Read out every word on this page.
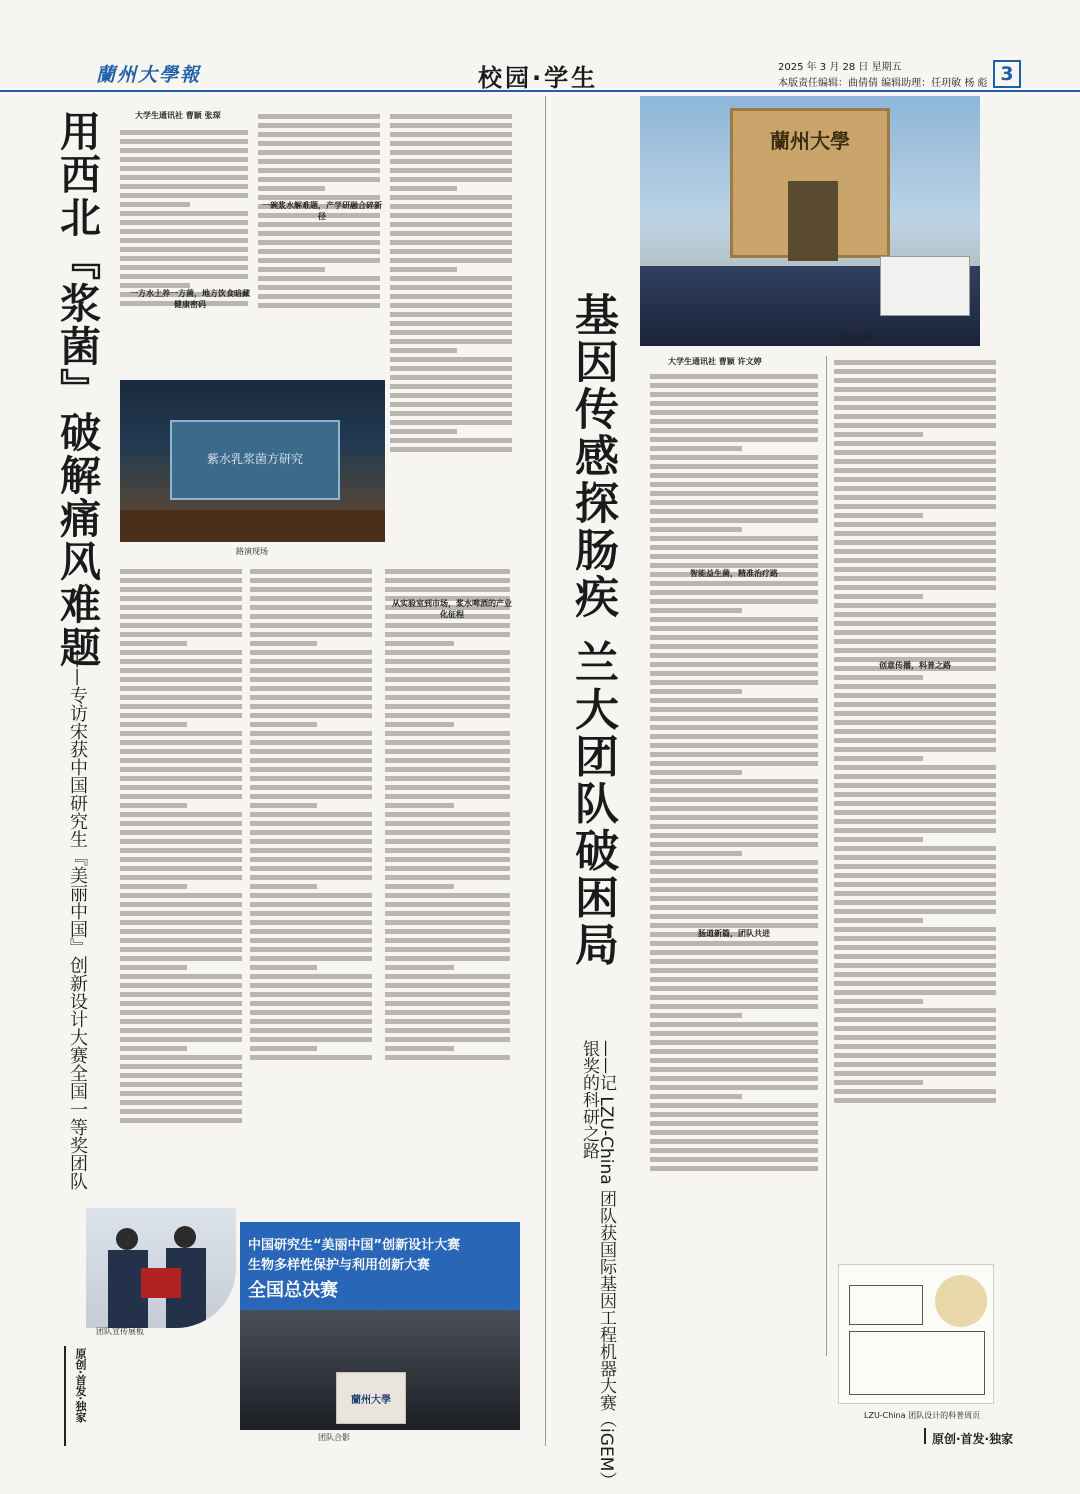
蘭州大學報	校园·学生	2025 年 3 月 28 日 星期五
本版责任编辑：曲倩倩 编辑助理：任玥敏 杨 彪 3
用西北『浆菌』破解痛风难题
——专访宋获中国研究生『美丽中国』创新设计大赛全国一等奖团队
原创·首发·独家
大学生通讯社 曹颖 张琛
一方水土养一方菌，地方饮食暗藏健康密码
一碗浆水解难题，产学研融合碎新径
从实验室到市场，浆水啤酒的产业化征程
紫水乳浆菌方研究
路演现场
团队宣传展板
中国研究生“美丽中国”创新设计大赛
生物多样性保护与利用创新大赛
全国总决赛
蘭州大學
团队合影
基因传感探肠疾 兰大团队破困局
——记 LZU-China 团队获国际基因工程机器大赛（iGEM）银奖的科研之路
蘭州大學
团队合照
大学生通讯社 曹颖 许文婷
智能益生菌，精准治疗路
肠道新篇，团队共进
创意传播，科普之路
LZU-China 团队设计的科普周页
原创·首发·独家
